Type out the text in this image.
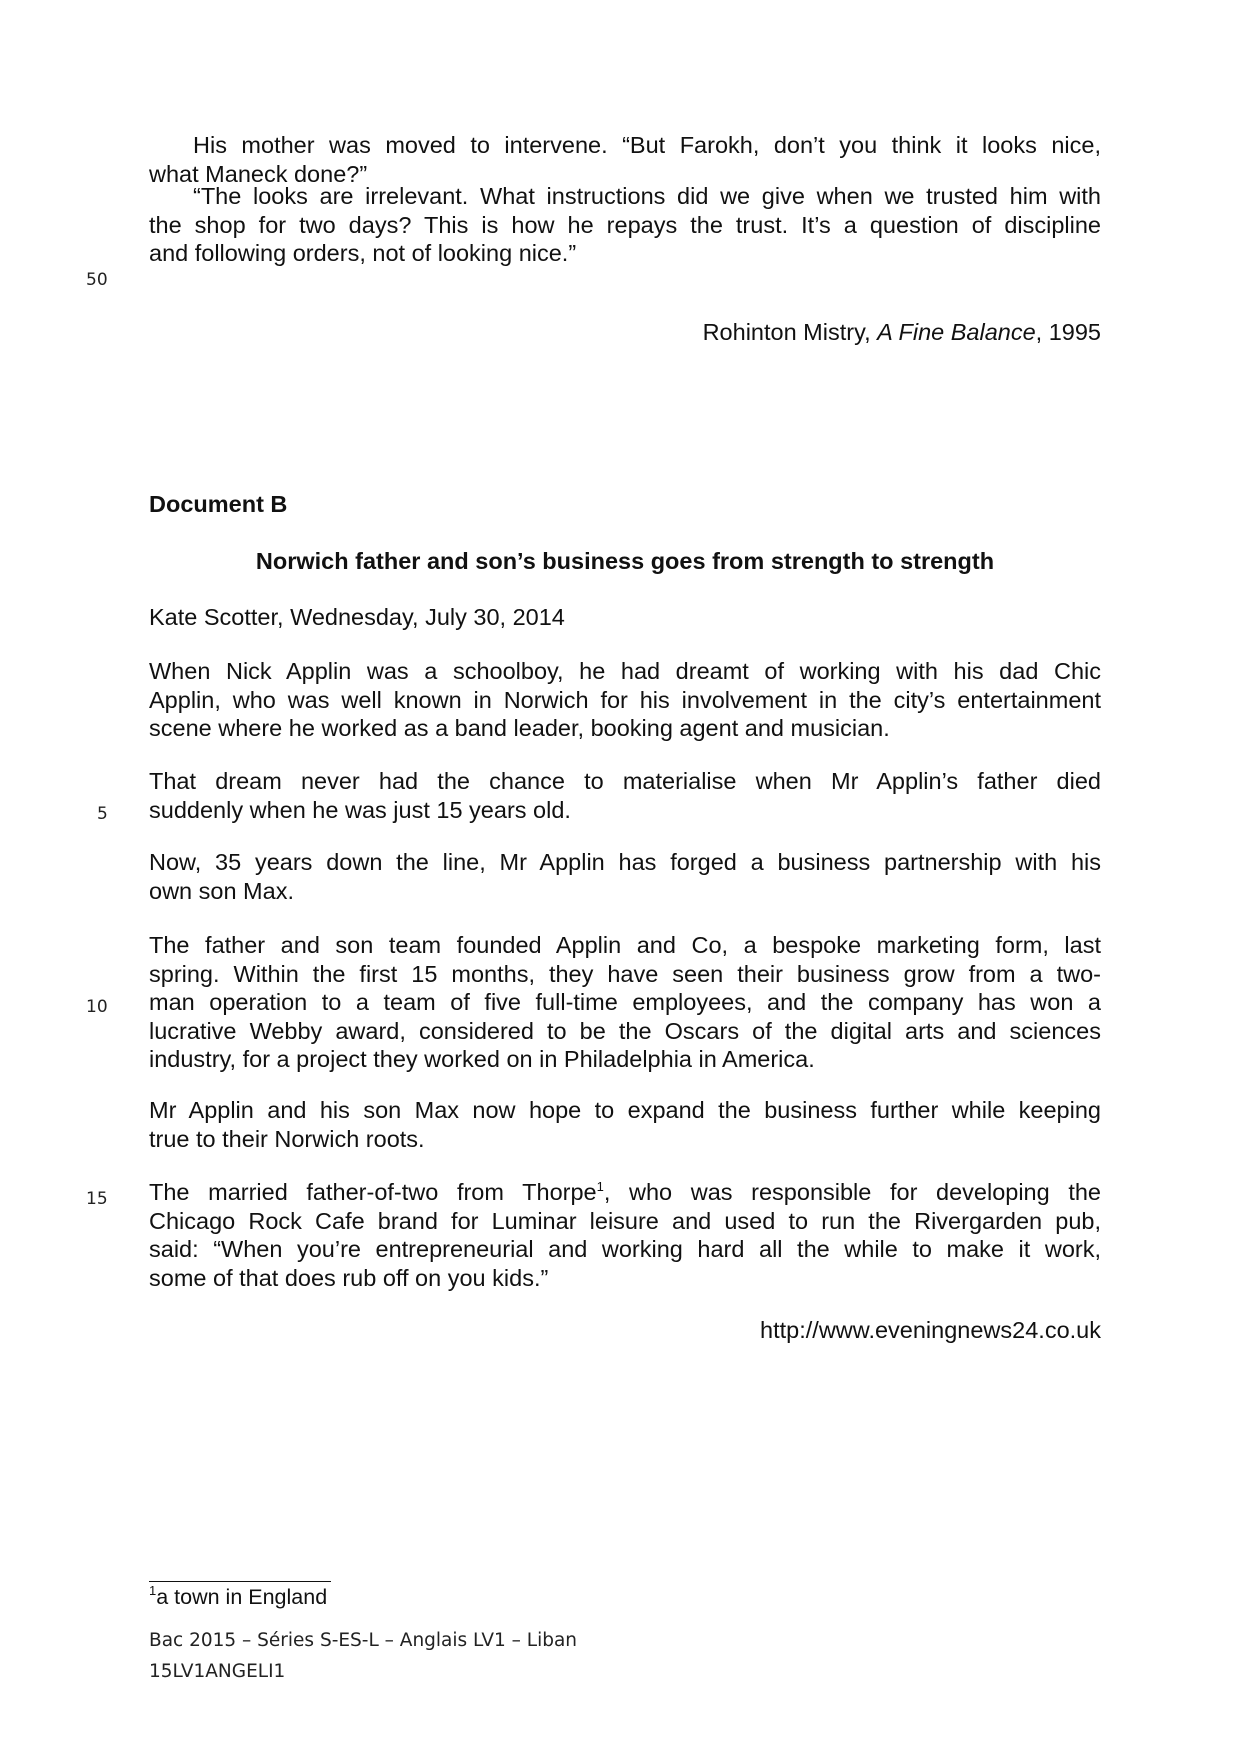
His mother was moved to intervene. “But Farokh, don’t you think it looks nice,
what Maneck done?”
“The looks are irrelevant. What instructions did we give when we trusted him with
the shop for two days? This is how he repays the trust. It’s a question of discipline
and following orders, not of looking nice.”
50
Rohinton Mistry, A Fine Balance, 1995
Document B
Norwich father and son’s business goes from strength to strength
Kate Scotter, Wednesday, July 30, 2014
When Nick Applin was a schoolboy, he had dreamt of working with his dad Chic
Applin, who was well known in Norwich for his involvement in the city’s entertainment
scene where he worked as a band leader, booking agent and musician.
That dream never had the chance to materialise when Mr Applin’s father died
suddenly when he was just 15 years old.
5
Now, 35 years down the line, Mr Applin has forged a business partnership with his
own son Max.
The father and son team founded Applin and Co, a bespoke marketing form, last
spring. Within the first 15 months, they have seen their business grow from a two-
man operation to a team of five full-time employees, and the company has won a
lucrative Webby award, considered to be the Oscars of the digital arts and sciences
industry, for a project they worked on in Philadelphia in America.
10
Mr Applin and his son Max now hope to expand the business further while keeping
true to their Norwich roots.
The married father-of-two from Thorpe$^1$, who was responsible for developing the
Chicago Rock Cafe brand for Luminar leisure and used to run the Rivergarden pub,
said: “When you’re entrepreneurial and working hard all the while to make it work,
some of that does rub off on you kids.”
15
http://www.eveningnews24.co.uk
$^1$a town in England
Bac 2015 – Séries S-ES-L – Anglais LV1 – Liban
15LV1ANGELI1
